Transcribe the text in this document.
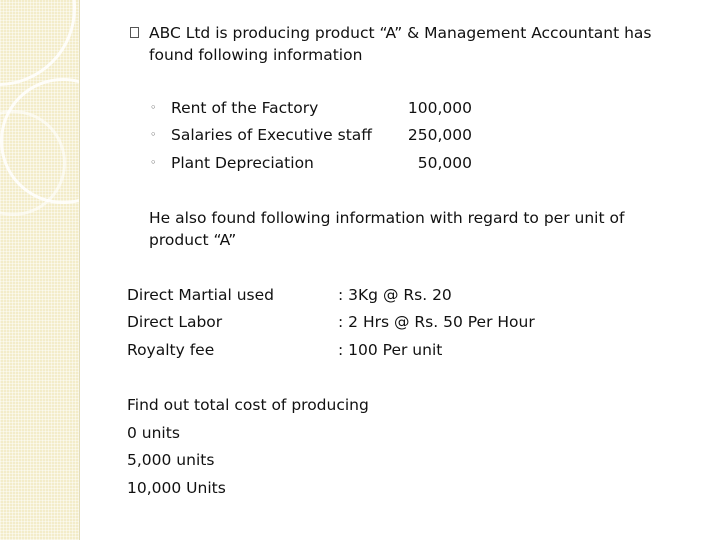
ABC Ltd is producing product “A” & Management Accountant has
found following information
◦ Rent of the Factory	100,000
◦ Salaries of Executive staff	250,000
◦ Plant Depreciation	50,000
He also found following information with regard to per unit of
product “A”
Direct Martial used	: 3Kg @ Rs. 20
Direct Labor	: 2 Hrs @ Rs. 50 Per Hour
Royalty fee	: 100 Per unit
Find out total cost of producing
0 units
5,000 units
10,000 Units
